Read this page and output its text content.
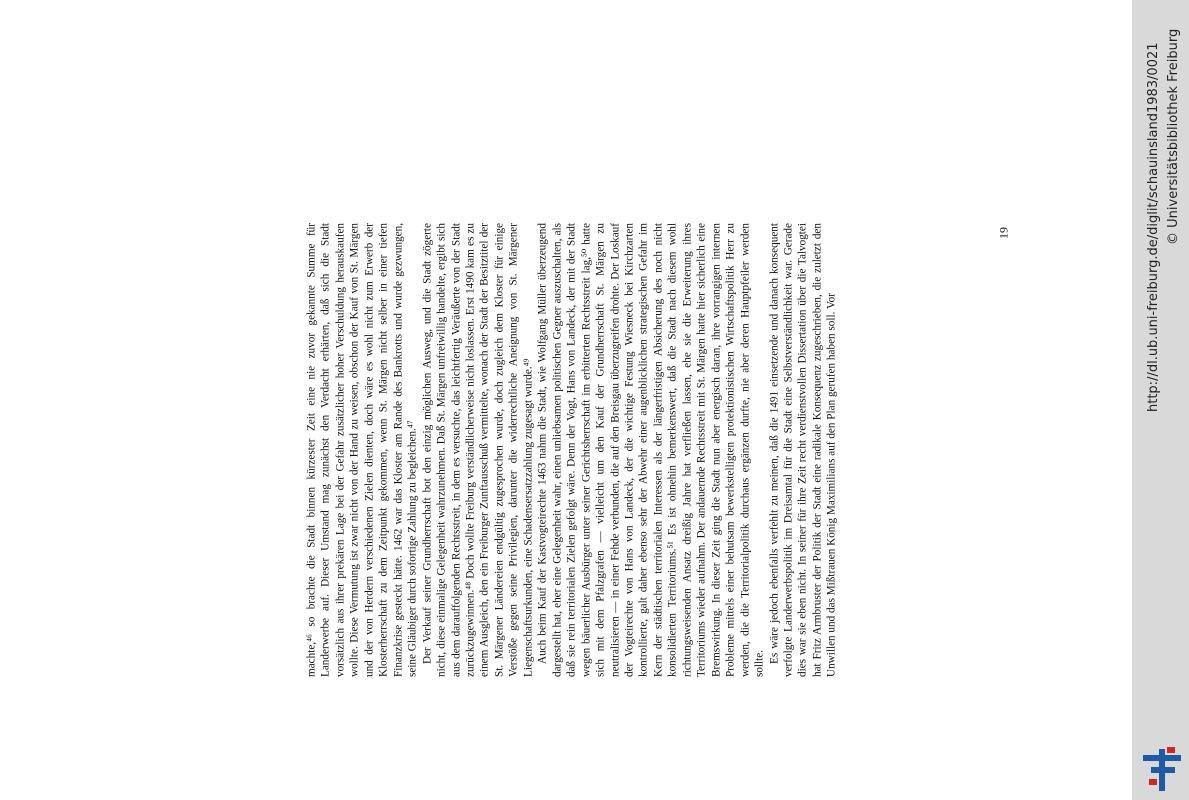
machte,⁴⁶ so brachte die Stadt binnen kürzester Zeit eine nie zuvor gekannte Summe für Landerwerbe auf. Dieser Umstand mag zunächst den Verdacht erhärten, daß sich die Stadt vorsätzlich aus ihrer prekären Lage bei der Gefahr zusätzlicher hoher Verschuldung herauskaufen wollte. Diese Vermutung ist zwar nicht von der Hand zu weisen, obschon der Kauf von St. Märgen und der von Herdern verschiedenen Zielen dienten, doch wäre es wohl nicht zum Erwerb der Klosterherrschaft zu dem Zeitpunkt gekommen, wenn St. Märgen nicht selber in einer tiefen Finanzkrise gesteckt hätte. 1462 war das Kloster am Rande des Bankrotts und wurde gezwungen, seine Gläubiger durch sofortige Zahlung zu begleichen.⁴⁷ Der Verkauf seiner Grundherrschaft bot den einzig möglichen Ausweg, und die Stadt zögerte nicht, diese einmalige Gelegenheit wahrzunehmen. Daß St. Märgen unfreiwillig handelte, ergibt sich aus dem darauffolgenden Rechtsstreit, in dem es versuchte, das leichtfertig Veräußerte von der Stadt zurückzugewinnen.⁴⁸ Doch wollte Freiburg verständlicherweise nicht loslassen. Erst 1490 kam es zu einem Ausgleich, den ein Freiburger Zunftausschuß vermittelte, wonach der Stadt der Besitztitel der St. Märgener Ländereien endgültig zugesprochen wurde, doch zugleich dem Kloster für einige Verstöße gegen seine Privilegien, darunter die widerrechtliche Aneignung von St. Märgener Liegenschaftsurkunden, eine Schadensersatzzahlung zugesagt wurde.⁴⁹ Auch beim Kauf der Kastvogteirechte 1463 nahm die Stadt, wie Wolfgang Müller überzeugend dargestellt hat, eher eine Gelegenheit wahr, einen unliebsamen politischen Gegner auszuschalten, als daß sie rein territorialen Zielen gefolgt wäre. Denn der Vogt, Hans von Landeck, der mit der Stadt wegen bäuerlicher Ausbürger unter seiner Gerichtsherrschaft im erbitterten Rechtsstreit lag,⁵⁰ hatte sich mit dem Pfalzgrafen — vielleicht um den Kauf der Grundherrschaft St. Märgen zu neutralisieren — in einer Fehde verbunden, die auf den Breisgau überzugreifen drohte. Der Loskauf der Vogteirechte von Hans von Landeck, der die wichtige Festung Wiesneck bei Kirchzarten kontrollierte, galt daher ebenso sehr der Abwehr einer augenblicklichen strategischen Gefahr im Kern der städtischen territorialen Interessen als der längerfristigen Absicherung des noch nicht konsolidierten Territoriums.⁵¹ Es ist ohnehin bemerkenswert, daß die Stadt nach diesem wohl richtungsweisenden Ansatz dreißig Jahre hat verfließen lassen, ehe sie die Erweiterung ihres Territoriums wieder aufnahm. Der andauernde Rechtsstreit mit St. Märgen hatte hier sicherlich eine Bremswirkung. In dieser Zeit ging die Stadt nun aber energisch daran, ihre vorrangigen internen Probleme mittels einer behutsam bewerkstelligten protektionistischen Wirtschaftspolitik Herr zu werden, die die Territorialpolitik durchaus ergänzen durfte, nie aber deren Hauptpfeiler werden sollte. Es wäre jedoch ebenfalls verfehlt zu meinen, daß die 1491 einsetzende und danach konsequent verfolgte Landerwerbspolitik im Dreisamtal für die Stadt eine Selbstverständlichkeit war. Gerade dies war sie eben nicht. In seiner für ihre Zeit recht verdienstvollen Dissertation über die Talvogtei hat Fritz Armbruster der Politik der Stadt eine radikale Konsequenz zugeschrieben, die zuletzt den Unwillen und das Mißtrauen König Maximilians auf den Plan gerufen haben soll. Vor

19	http://dl.ub.uni-freiburg.de/diglit/schauinsland1983/0021 © Universitätsbibliothek Freiburg
